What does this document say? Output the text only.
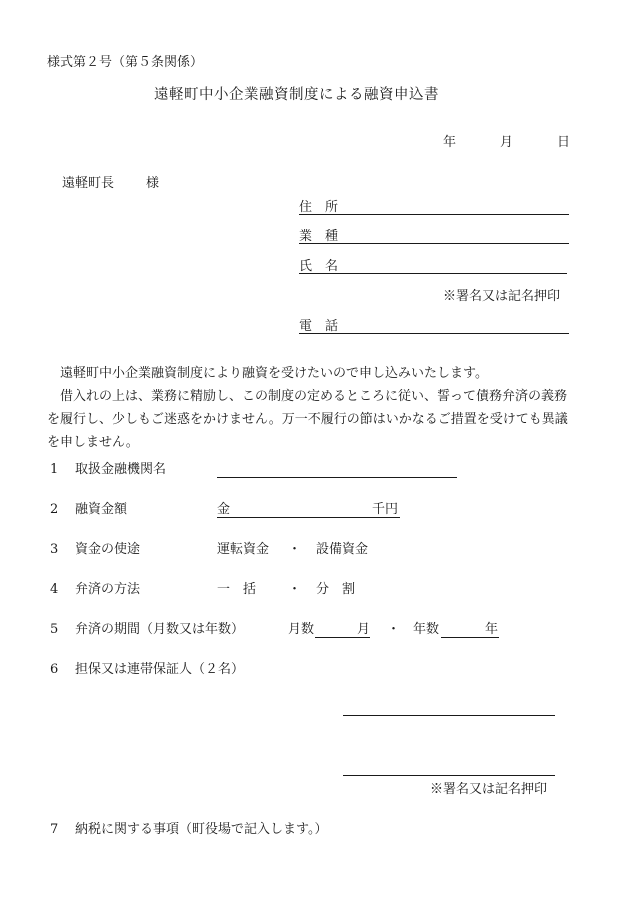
様式第２号（第５条関係）
遠軽町中小企業融資制度による融資申込書
年	月	日
遠軽町長 様
住　所
業　種
氏　名
※署名又は記名押印
電　話

遠軽町中小企業融資制度により融資を受けたいので申し込みいたします。

借入れの上は、業務に精励し、この制度の定めるところに従い、誓って債務弁済の義務を履行し、少しもご迷惑をかけません。万一不履行の節はいかなるご措置を受けても異議を申しません。

1 取扱金融機関名
2 融資金額	金	千円
3 資金の使途	運転資金 ・ 設備資金
4 弁済の方法	一　括 ・ 分　割
5 弁済の期間（月数又は年数）	月数	月 ・ 年数	年
6 担保又は連帯保証人（２名）
※署名又は記名押印
7 納税に関する事項（町役場で記入します。）
